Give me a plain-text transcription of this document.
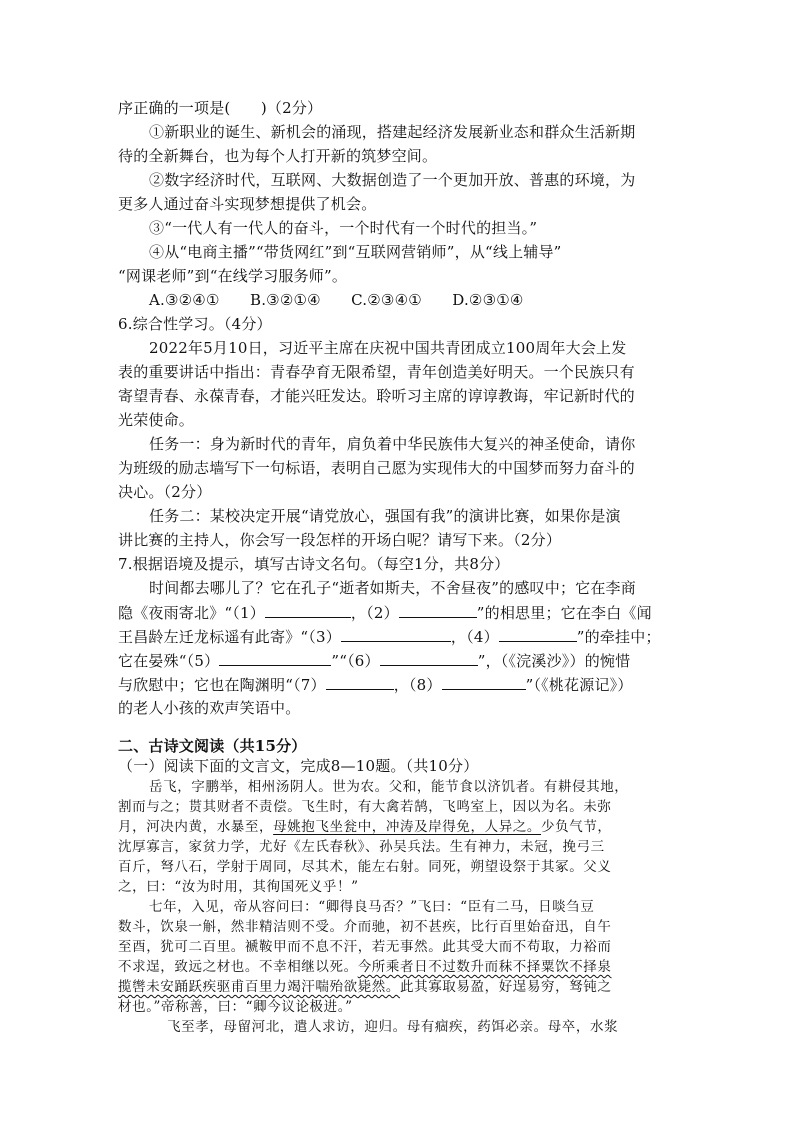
序正确的一项是(　　)（2分）
①新职业的诞生、新机会的涌现，搭建起经济发展新业态和群众生活新期
待的全新舞台，也为每个人打开新的筑梦空间。
②数字经济时代，互联网、大数据创造了一个更加开放、普惠的环境，为
更多人通过奋斗实现梦想提供了机会。
③“一代人有一代人的奋斗，一个时代有一个时代的担当。”
④从“电商主播”“带货网红”到“互联网营销师”，从“线上辅导”
“网课老师”到“在线学习服务师”。
A.③②④①　　B.③②①④　　C.②③④①　　D.②③①④
6.综合性学习。（4分）
2022年5月10日，习近平主席在庆祝中国共青团成立100周年大会上发
表的重要讲话中指出：青春孕育无限希望，青年创造美好明天。一个民族只有
寄望青春、永葆青春，才能兴旺发达。聆听习主席的谆谆教诲，牢记新时代的
光荣使命。
任务一：身为新时代的青年，肩负着中华民族伟大复兴的神圣使命，请你
为班级的励志墙写下一句标语，表明自己愿为实现伟大的中国梦而努力奋斗的
决心。（2分）
任务二：某校决定开展“请党放心，强国有我”的演讲比赛，如果你是演
讲比赛的主持人，你会写一段怎样的开场白呢？请写下来。（2分）
7.根据语境及提示，填写古诗文名句。（每空1分，共8分）
时间都去哪儿了？它在孔子“逝者如斯夫，不舍昼夜”的感叹中；它在李商
隐《夜雨寄北》“（1）	，（2）	”的相思里；它在李白《闻
王昌龄左迁龙标遥有此寄》“（3）	，（4）	”的牵挂中；
它在晏殊“（5）	”“（6）	”，（《浣溪沙》）的惋惜
与欣慰中；它也在陶渊明“（7）	，（8）	”（《桃花源记》）
的老人小孩的欢声笑语中。
二、古诗文阅读（共15分）
（一）阅读下面的文言文，完成8—10题。（共10分）
岳飞，字鹏举，相州汤阴人。世为农。父和，能节食以济饥者。有耕侵其地，
割而与之；贳其财者不责偿。飞生时，有大禽若鹄，飞鸣室上，因以为名。未弥
月，河决内黄，水暴至，母姚抱飞坐瓮中，冲涛及岸得免，人异之。少负气节，
沈厚寡言，家贫力学，尤好《左氏春秋》、孙吴兵法。生有神力，未冠，挽弓三
百斤，弩八石，学射于周同，尽其术，能左右射。同死，朔望设祭于其冢。父义
之，曰：“汝为时用，其徇国死义乎！”
七年，入见，帝从容问曰：“卿得良马否？”飞曰：“臣有二马，日啖刍豆
数斗，饮泉一斛，然非精洁则不受。介而驰，初不甚疾，比行百里始奋迅，自午
至酉，犹可二百里。褫鞍甲而不息不汗，若无事然。此其受大而不苟取，力裕而
不求逞，致远之材也。不幸相继以死。今所乘者日不过数升而秣不择粟饮不择泉
揽辔未安踊跃疾驱甫百里力竭汗喘殆欲毙然。此其寡取易盈，好逞易穷，驽钝之
材也。”帝称善，曰：“卿今议论极进。”
飞至孝，母留河北，遣人求访，迎归。母有痼疾，药饵必亲。母卒，水浆
